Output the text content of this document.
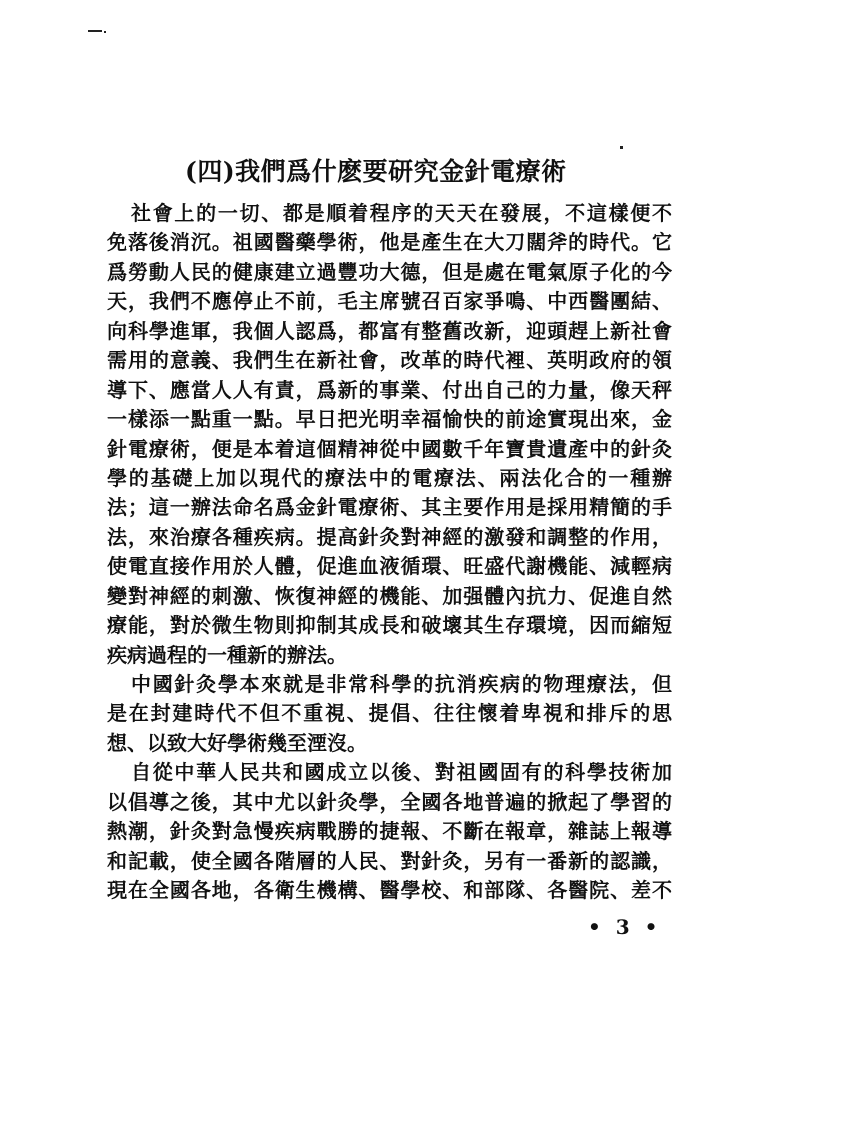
(四)我們爲什麽要研究金針電療術
社會上的一切、都是順着程序的天天在發展，不這樣便不
免落後消沉。祖國醫藥學術，他是產生在大刀闊斧的時代。它
爲勞動人民的健康建立過豐功大德，但是處在電氣原子化的今
天，我們不應停止不前，毛主席號召百家爭鳴、中西醫團結、
向科學進軍，我個人認爲，都富有整舊改新，迎頭趕上新社會
需用的意義、我們生在新社會，改革的時代裡、英明政府的領
導下、應當人人有責，爲新的事業、付出自己的力量，像天秤
一樣添一點重一點。早日把光明幸福愉快的前途實現出來，金
針電療術，便是本着這個精神從中國數千年寶貴遺產中的針灸
學的基礎上加以現代的療法中的電療法、兩法化合的一種辦
法；這一辦法命名爲金針電療術、其主要作用是採用精簡的手
法，來治療各種疾病。提高針灸對神經的激發和調整的作用，
使電直接作用於人體，促進血液循環、旺盛代謝機能、減輕病
變對神經的刺激、恢復神經的機能、加强體內抗力、促進自然
療能，對於微生物則抑制其成長和破壞其生存環境，因而縮短
疾病過程的一種新的辦法。
中國針灸學本來就是非常科學的抗消疾病的物理療法，但
是在封建時代不但不重視、提倡、往往懷着卑視和排斥的思
想、以致大好學術幾至湮沒。
自從中華人民共和國成立以後、對祖國固有的科學技術加
以倡導之後，其中尤以針灸學，全國各地普遍的掀起了學習的
熱潮，針灸對急慢疾病戰勝的捷報、不斷在報章，雜誌上報導
和記載，使全國各階層的人民、對針灸，另有一番新的認識，
現在全國各地，各衛生機構、醫學校、和部隊、各醫院、差不
• 3 •
